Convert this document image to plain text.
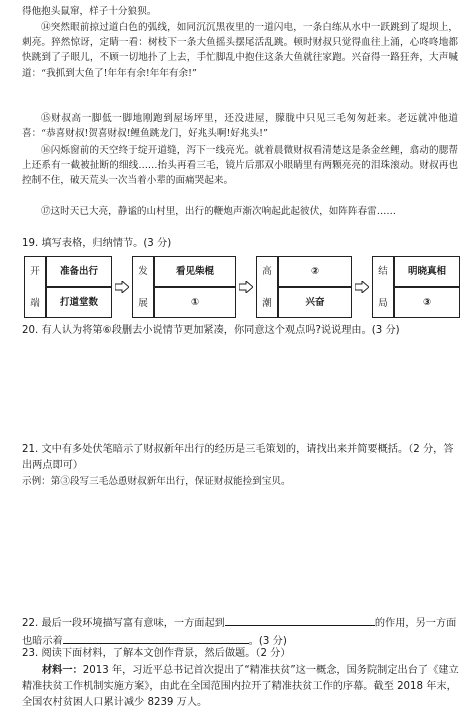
得他抱头鼠窜，样子十分狼狈。

⑭突然眼前掠过道白色的弧线，如同沉沉黑夜里的一道闪电，一条白练从水中一跃跳到了堤坝上，刺亮。猝然惊讶，定睛一看：树枝下一条大鱼摇头摆尾活乱跳。顿时财叔只觉得血往上涌，心咚咚地都快跳到了子眼儿，不顾一切地扑了上去，手忙脚乱中抱住这条大鱼就往家跑。兴奋得一路狂奔，大声喊道：“我抓到大鱼了!年年有余!年年有余!”

⑮财叔高一脚低一脚地刚跑到屋场坪里，还没进屋，朦胧中只见三毛匆匆赶来。老远就冲他道喜：“恭喜财叔!贺喜财叔!鲤鱼跳龙门，好兆头啊!好兆头!”

⑯闪烁窗前的天空终于绽开道缝，泻下一线亮光。就着晨微财叔看清楚这是条金丝鲤，翕动的腮帮上还系有一截被扯断的细线……抬头再看三毛，镜片后那双小眼睛里有两颗亮亮的泪珠滚动。财叔再也控制不住，破天荒头一次当着小辈的面痛哭起来。

⑰这时天已大亮，静谧的山村里，出行的鞭炮声渐次响起此起彼伏，如阵阵春雷……

19. 填写表格，归纳情节。(3 分)

开
端
准备出行
打道堂数
发
展
看见柴棍
①
高
潮
②
兴奋
结
局
明晓真相
③

20. 有人认为将第⑥段删去小说情节更加紧凑，你同意这个观点吗?说说理由。(3 分)

21. 文中有多处伏笔暗示了财叔新年出行的经历是三毛策划的，请找出来并简要概括。（2 分，答出两点即可）

示例：第③段写三毛怂恿财叔新年出行，保证财叔能捡到宝贝。

22. 最后一段环境描写富有意味，一方面起到	的作用，另一方面也暗示着	。(3 分)

23. 阅读下面材料，了解本文创作背景，然后做题。（2 分）

材料一：2013 年，习近平总书记首次提出了“精准扶贫”这一概念，国务院制定出台了《建立精准扶贫工作机制实施方案》，由此在全国范围内拉开了精准扶贫工作的序幕。截至 2018 年末，全国农村贫困人口累计减少 8239 万人。
